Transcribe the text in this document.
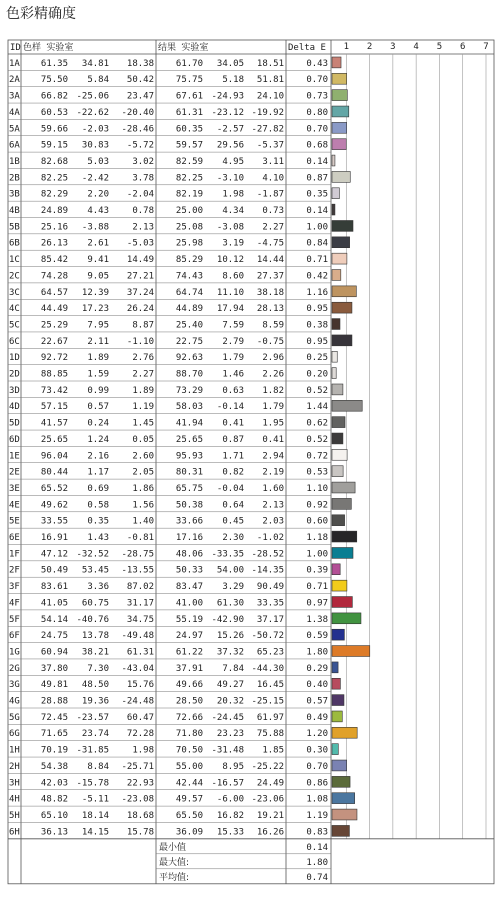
色彩精确度
ID 色样 实验室	结果 实验室	Delta E 1 2 3 4 5 6 7
1A 61.35 34.81 18.38 61.70 34.05 18.51 0.43
2A 75.50 5.84 50.42 75.75 5.18 51.81 0.70
3A 66.82 -25.06 23.47 67.61 -24.93 24.10 0.73
4A 60.53 -22.62 -20.40 61.31 -23.12 -19.92 0.80
5A 59.66 -2.03 -28.46 60.35 -2.57 -27.82 0.70
6A 59.15 30.83 -5.72 59.57 29.56 -5.37 0.68
1B 82.68 5.03	3.02 82.59 4.95 3.11 0.14
2B 82.25 -2.42	3.78 82.25 -3.10 4.10 0.87
3B 82.29 2.20 -2.04 82.19 1.98 -1.87 0.35
4B 24.89 4.43	0.78 25.00 4.34 0.73 0.14
5B 25.16 -3.88	2.13 25.08 -3.08 2.27 1.00
6B 26.13 2.61 -5.03 25.98 3.19 -4.75 0.84
1C 85.42 9.41 14.49 85.29 10.12 14.44 0.71
2C 74.28 9.05 27.21 74.43 8.60 27.37 0.42
3C 64.57 12.39 37.24 64.74 11.10 38.18 1.16
4C 44.49 17.23 26.24 44.89 17.94 28.13 0.95
5C 25.29 7.95	8.87 25.40 7.59 8.59 0.38
6C 22.67 2.11 -1.10 22.75 2.79 -0.75 0.95
1D 92.72 1.89	2.76 92.63 1.79 2.96 0.25
2D 88.85 1.59	2.27 88.70 1.46 2.26 0.20
3D 73.42 0.99	1.89 73.29 0.63 1.82 0.52
4D 57.15 0.57	1.19 58.03 -0.14 1.79 1.44
5D 41.57 0.24	1.45 41.94 0.41 1.95 0.62
6D 25.65 1.24	0.05 25.65 0.87 0.41 0.52
1E 96.04 2.16	2.60 95.93 1.71 2.94 0.72
2E 80.44 1.17	2.05 80.31 0.82 2.19 0.53
3E 65.52 0.69	1.86 65.75 -0.04 1.60 1.10
4E 49.62 0.58	1.56 50.38 0.64 2.13 0.92
5E 33.55 0.35	1.40 33.66 0.45 2.03 0.60
6E 16.91 1.43 -0.81 17.16 2.30 -1.02 1.18
1F 47.12 -32.52 -28.75 48.06 -33.35 -28.52 1.00
2F 50.49 53.45 -13.55 50.33 54.00 -14.35 0.39
3F 83.61 3.36 87.02 83.47 3.29 90.49 0.71
4F 41.05 60.75 31.17 41.00 61.30 33.35 0.97
5F 54.14 -40.76 34.75 55.19 -42.90 37.17 1.38
6F 24.75 13.78 -49.48 24.97 15.26 -50.72 0.59
1G 60.94 38.21 61.31 61.22 37.32 65.23 1.80
2G 37.80 7.30 -43.04 37.91 7.84 -44.30 0.29
3G 49.81 48.50 15.76 49.66 49.27 16.45 0.40
4G 28.88 19.36 -24.48 28.50 20.32 -25.15 0.57
5G 72.45 -23.57 60.47 72.66 -24.45 61.97 0.49
6G 71.65 23.74 72.28 71.80 23.23 75.88 1.20
1H 70.19 -31.85	1.98 70.50 -31.48 1.85 0.30
2H 54.38 8.84 -25.71 55.00 8.95 -25.22 0.70
3H 42.03 -15.78 22.93 42.44 -16.57 24.49 0.86
4H 48.82 -5.11 -23.08 49.57 -6.00 -23.06 1.08
5H 65.10 18.14 18.68 65.50 16.82 19.21 1.19
6H 36.13 14.15 15.78 36.09 15.33 16.26 0.83
最小值	0.14
最大值:	1.80
平均值:	0.74
